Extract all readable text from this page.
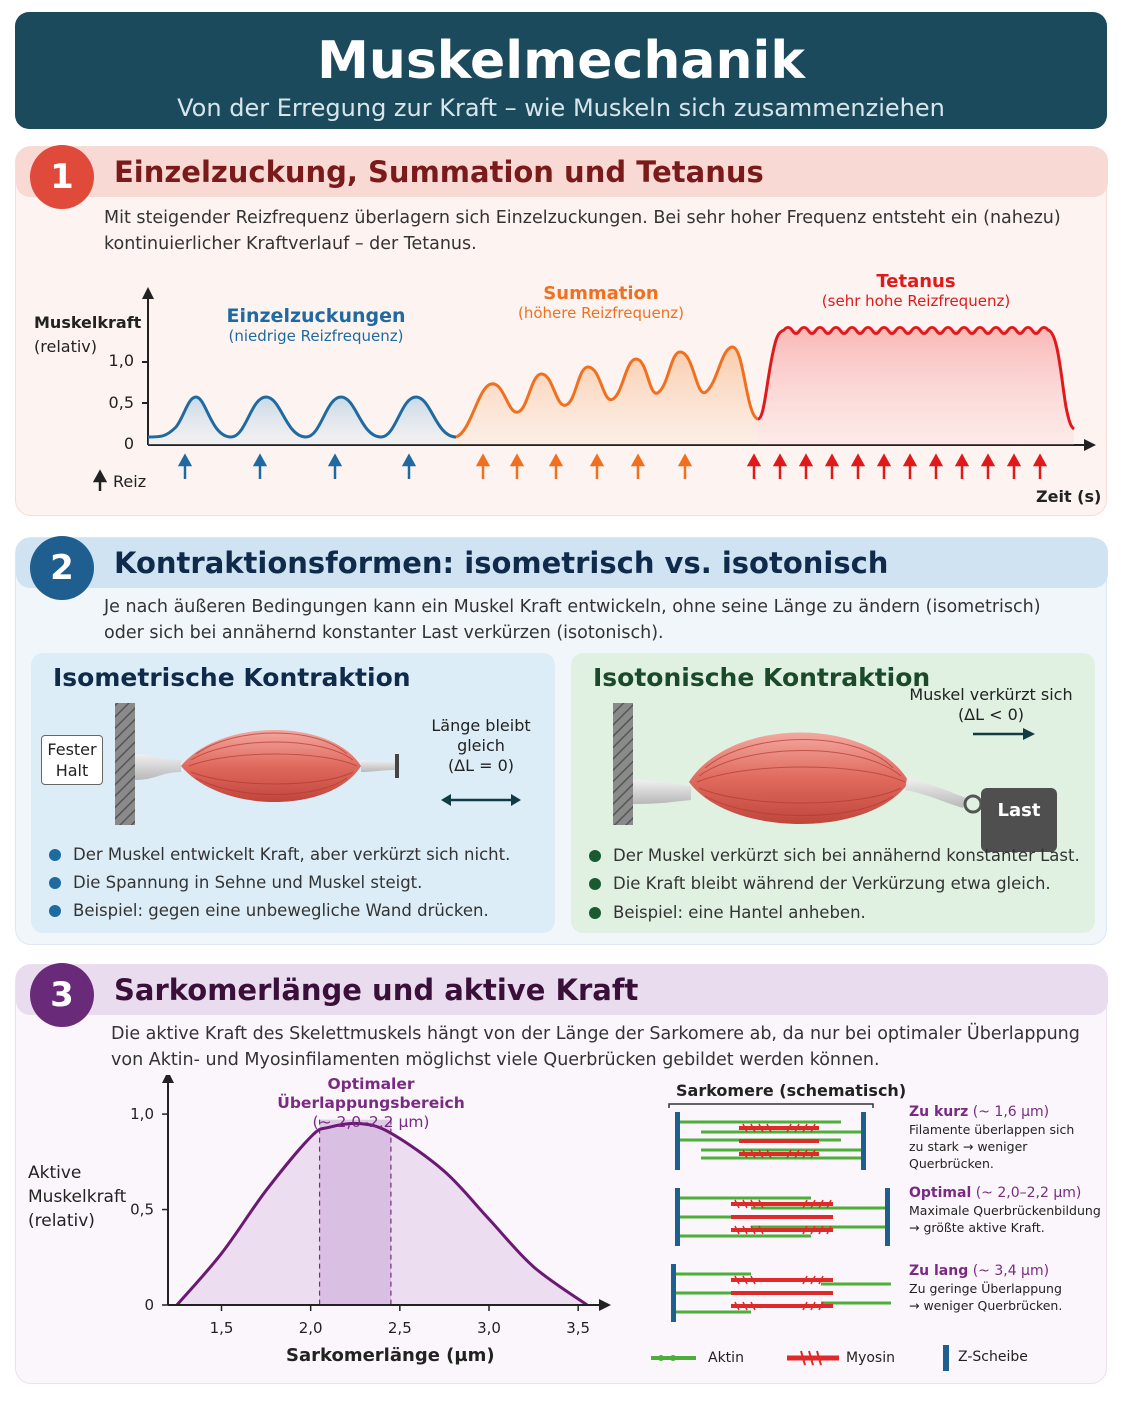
Muskelmechanik
Von der Erregung zur Kraft – wie Muskeln sich zusammenziehen
1	Einzelzuckung, Summation und Tetanus
Mit steigender Reizfrequenz überlagern sich Einzelzuckungen. Bei sehr hoher Frequenz entsteht ein (nahezu)
kontinuierlicher Kraftverlauf – der Tetanus.
Muskelkraft
(relativ)
1,0
0,5
0
Reiz
Zeit (s)
Einzelzuckungen
(niedrige Reizfrequenz)
Summation
(höhere Reizfrequenz)
Tetanus
(sehr hohe Reizfrequenz)
2	Kontraktionsformen: isometrisch vs. isotonisch
Je nach äußeren Bedingungen kann ein Muskel Kraft entwickeln, ohne seine Länge zu ändern (isometrisch)
oder sich bei annähernd konstanter Last verkürzen (isotonisch).
Isometrische Kontraktion
Fester
Halt
Länge bleibt
gleich
(ΔL = 0)
Der Muskel entwickelt Kraft, aber verkürzt sich nicht.
Die Spannung in Sehne und Muskel steigt.
Beispiel: gegen eine unbewegliche Wand drücken.
Isotonische Kontraktion
Last
Muskel verkürzt sich
(ΔL < 0)
Der Muskel verkürzt sich bei annähernd konstanter Last.
Die Kraft bleibt während der Verkürzung etwa gleich.
Beispiel: eine Hantel anheben.
3	Sarkomerlänge und aktive Kraft
Die aktive Kraft des Skelettmuskels hängt von der Länge der Sarkomere ab, da nur bei optimaler Überlappung
von Aktin- und Myosinfilamenten möglichst viele Querbrücken gebildet werden können.
1,5	2,0	2,5	3,0	3,5
0
0,5
1,0
Aktive
Muskelkraft
(relativ)
Sarkomerlänge (µm)
Optimaler
Überlappungsbereich
(~ 2,0–2,2 µm)
Sarkomere (schematisch)
Zu kurz (~ 1,6 µm)
Filamente überlappen sich
zu stark → weniger
Querbrücken.
Optimal (~ 2,0–2,2 µm)
Maximale Querbrückenbildung
→ größte aktive Kraft.
Zu lang (~ 3,4 µm)
Zu geringe Überlappung
→ weniger Querbrücken.
Aktin	Myosin	Z-Scheibe
